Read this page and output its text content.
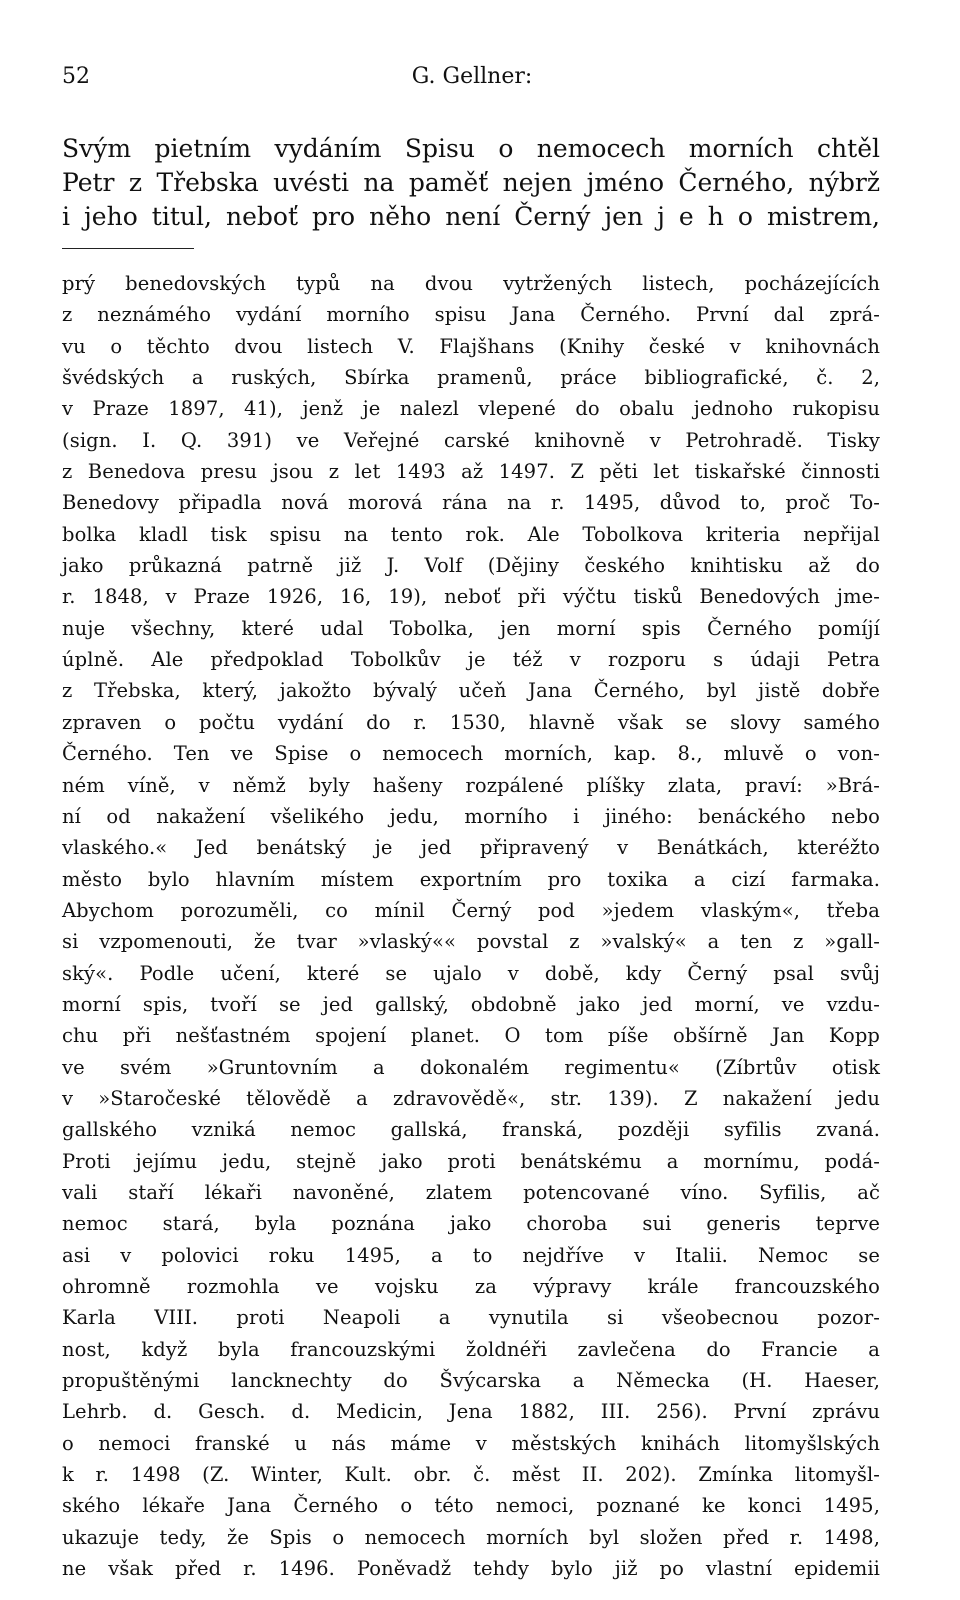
52	G. Gellner:
Svým pietním vydáním Spisu o nemocech morních chtěl
Petr z Třebska uvésti na paměť nejen jméno Černého, nýbrž
i jeho titul, neboť pro něho není Černý jen j e h o mistrem,
prý benedovských typů na dvou vytržených listech, pocházejících
z neznámého vydání morního spisu Jana Černého. První dal zprá-
vu o těchto dvou listech V. Flajšhans (Knihy české v knihovnách
švédských a ruských, Sbírka pramenů, práce bibliografické, č. 2,
v Praze 1897, 41), jenž je nalezl vlepené do obalu jednoho rukopisu
(sign. I. Q. 391) ve Veřejné carské knihovně v Petrohradě. Tisky
z Benedova presu jsou z let 1493 až 1497. Z pěti let tiskařské činnosti
Benedovy připadla nová morová rána na r. 1495, důvod to, proč To-
bolka kladl tisk spisu na tento rok. Ale Tobolkova kriteria nepřijal
jako průkazná patrně již J. Volf (Dějiny českého knihtisku až do
r. 1848, v Praze 1926, 16, 19), neboť při výčtu tisků Benedových jme-
nuje všechny, které udal Tobolka, jen morní spis Černého pomíjí
úplně. Ale předpoklad Tobolkův je též v rozporu s údaji Petra
z Třebska, který, jakožto bývalý učeň Jana Černého, byl jistě dobře
zpraven o počtu vydání do r. 1530, hlavně však se slovy samého
Černého. Ten ve Spise o nemocech morních, kap. 8., mluvě o von-
ném víně, v němž byly hašeny rozpálené plíšky zlata, praví: »Brá-
ní od nakažení všelikého jedu, morního i jiného: benáckého nebo
vlaského.« Jed benátský je jed připravený v Benátkách, kteréžto
město bylo hlavním místem exportním pro toxika a cizí farmaka.
Abychom porozuměli, co mínil Černý pod »jedem vlaským«, třeba
si vzpomenouti, že tvar »vlaský«« povstal z »valský« a ten z »gall-
ský«. Podle učení, které se ujalo v době, kdy Černý psal svůj
morní spis, tvoří se jed gallský, obdobně jako jed morní, ve vzdu-
chu při nešťastném spojení planet. O tom píše obšírně Jan Kopp
ve svém »Gruntovním a dokonalém regimentu« (Zíbrtův otisk
v »Staročeské tělovědě a zdravovědě«, str. 139). Z nakažení jedu
gallského vzniká nemoc gallská, franská, později syfilis zvaná.
Proti jejímu jedu, stejně jako proti benátskému a mornímu, podá-
vali staří lékaři navoněné, zlatem potencované víno. Syfilis, ač
nemoc stará, byla poznána jako choroba sui generis teprve
asi v polovici roku 1495, a to nejdříve v Italii. Nemoc se
ohromně rozmohla ve vojsku za výpravy krále francouzského
Karla VIII. proti Neapoli a vynutila si všeobecnou pozor-
nost, když byla francouzskými žoldnéři zavlečena do Francie a
propuštěnými lancknechty do Švýcarska a Německa (H. Haeser,
Lehrb. d. Gesch. d. Medicin, Jena 1882, III. 256). První zprávu
o nemoci franské u nás máme v městských knihách litomyšlských
k r. 1498 (Z. Winter, Kult. obr. č. měst II. 202). Zmínka litomyšl-
ského lékaře Jana Černého o této nemoci, poznané ke konci 1495,
ukazuje tedy, že Spis o nemocech morních byl složen před r. 1498,
ne však před r. 1496. Poněvadž tehdy bylo již po vlastní epidemii
